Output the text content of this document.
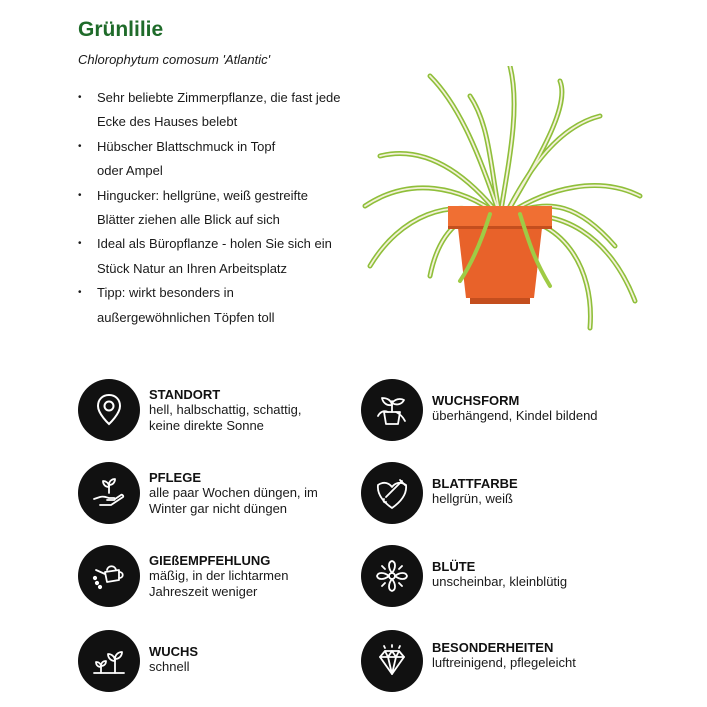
Grünlilie
Chlorophytum comosum 'Atlantic'
• Sehr beliebte Zimmerpflanze, die fast jede
Ecke des Hauses belebt
• Hübscher Blattschmuck in Topf
oder Ampel
• Hingucker: hellgrüne, weiß gestreifte
Blätter ziehen alle Blick auf sich
• Ideal als Büropflanze - holen Sie sich ein
Stück Natur an Ihren Arbeitsplatz
• Tipp: wirkt besonders in
außergewöhnlichen Töpfen toll
STANDORT
hell, halbschattig, schattig,
keine direkte Sonne
PFLEGE
alle paar Wochen düngen, im
Winter gar nicht düngen
GIEßEMPFEHLUNG
mäßig, in der lichtarmen
Jahreszeit weniger
WUCHS
schnell
WUCHSFORM
überhängend, Kindel bildend
BLATTFARBE
hellgrün, weiß
BLÜTE
unscheinbar, kleinblütig
BESONDERHEITEN
luftreinigend, pflegeleicht
